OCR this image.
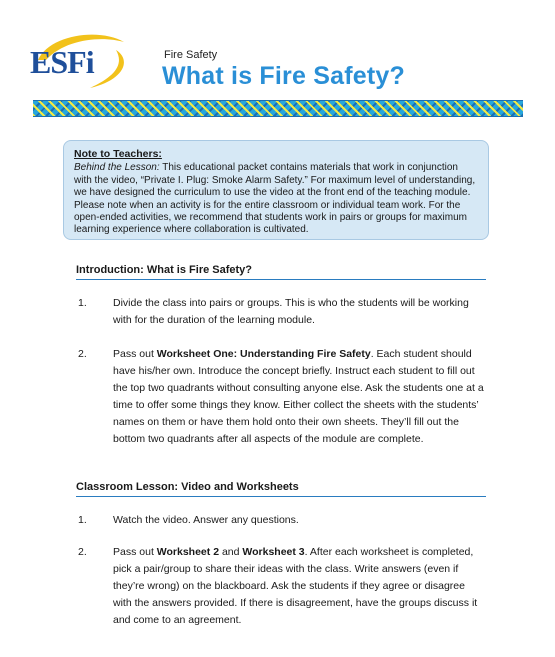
ESFi	Fire Safety
What is Fire Safety?
Note to Teachers:
Behind the Lesson: This educational packet contains materials that work in conjunction with the video, “Private I. Plug: Smoke Alarm Safety.” For maximum level of understanding, we have designed the curriculum to use the video at the front end of the teaching module. Please note when an activity is for the entire classroom or individual team work. For the open-ended activities, we recommend that students work in pairs or groups for maximum learning experience where collaboration is cultivated.
Introduction: What is Fire Safety?
1.	Divide the class into pairs or groups. This is who the students will be working with for the duration of the learning module.
2.	Pass out Worksheet One: Understanding Fire Safety. Each student should have his/her own. Introduce the concept briefly. Instruct each student to fill out the top two quadrants without consulting anyone else. Ask the students one at a time to offer some things they know. Either collect the sheets with the students’ names on them or have them hold onto their own sheets. They’ll fill out the bottom two quadrants after all aspects of the module are complete.
Classroom Lesson: Video and Worksheets
1.	Watch the video. Answer any questions.
2.	Pass out Worksheet 2 and Worksheet 3. After each worksheet is completed, pick a pair/group to share their ideas with the class. Write answers (even if they’re wrong) on the blackboard. Ask the students if they agree or disagree with the answers provided. If there is disagreement, have the groups discuss it and come to an agreement.
